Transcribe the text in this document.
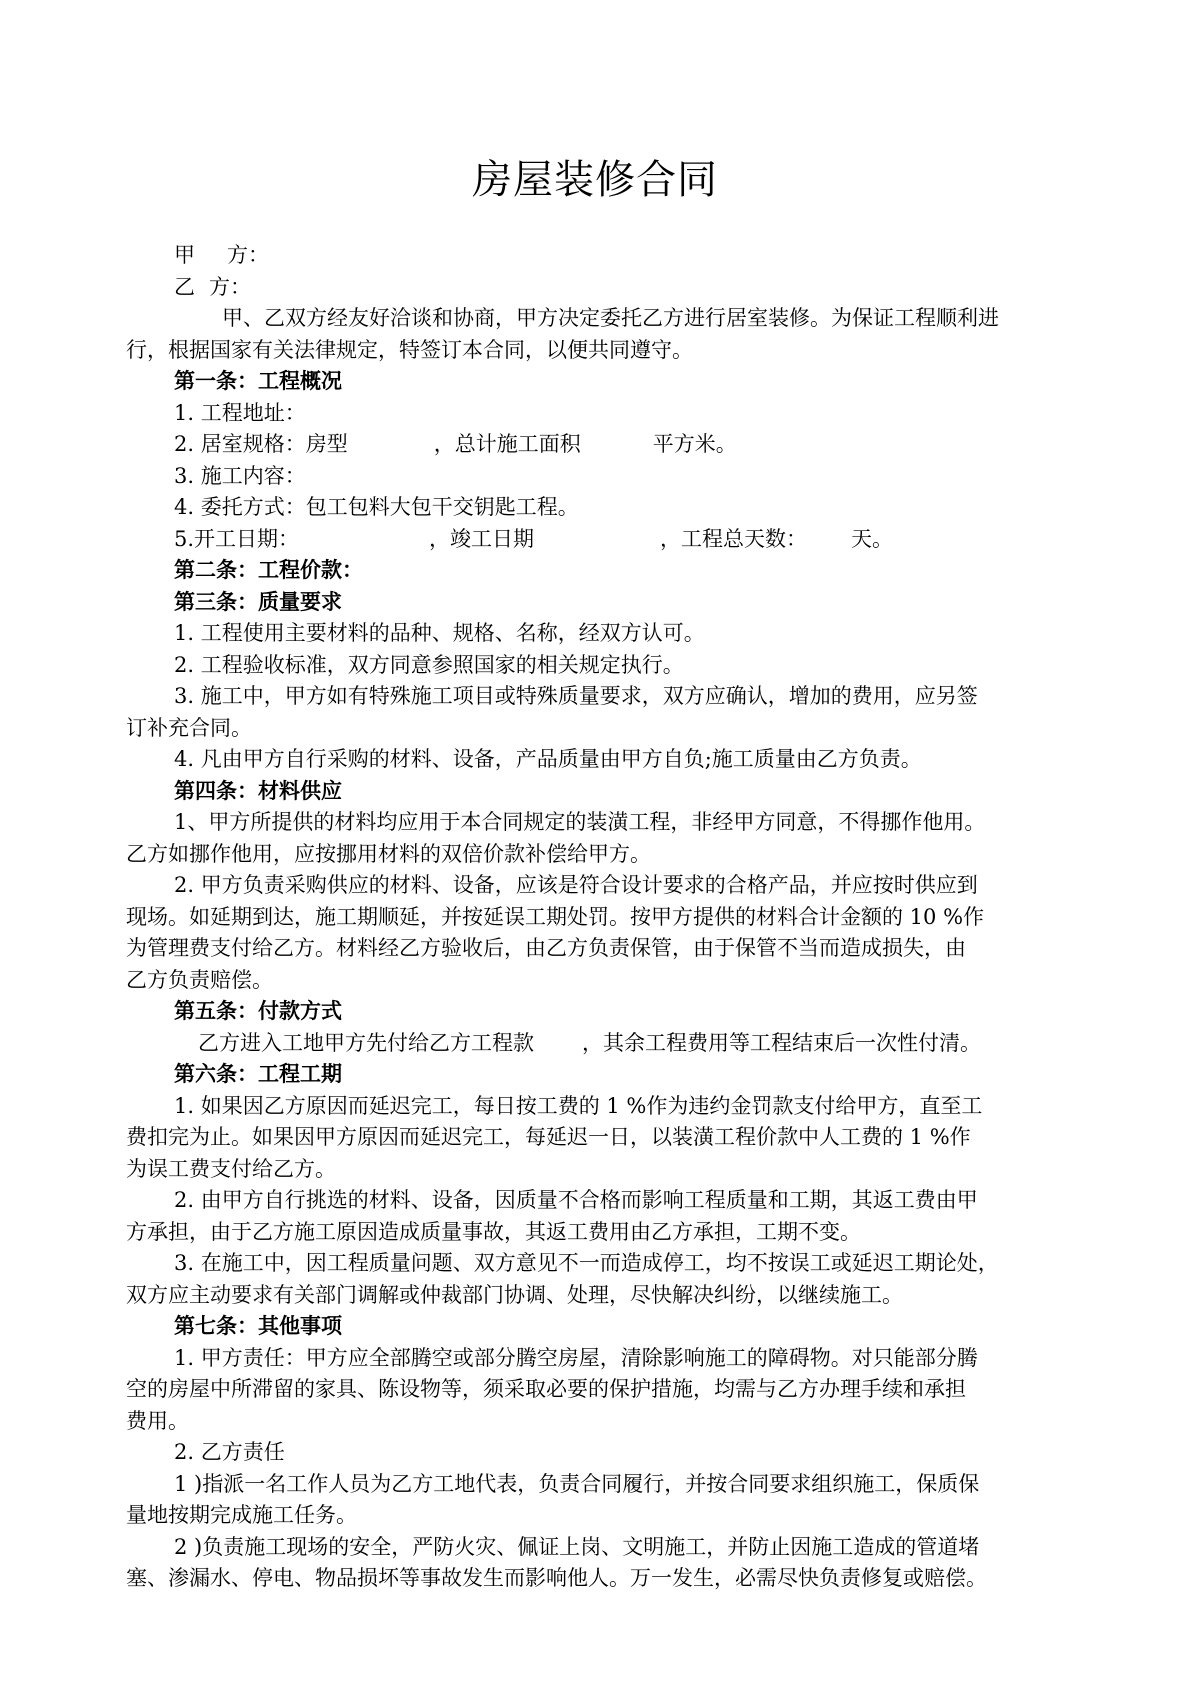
房屋装修合同

甲 方：

乙 方：

甲、乙双方经友好洽谈和协商，甲方决定委托乙方进行居室装修。为保证工程顺利进

行，根据国家有关法律规定，特签订本合同，以便共同遵守。

第一条：工程概况

1. 工程地址：

2. 居室规格：房型	，总计施工面积	平方米。

3. 施工内容：

4. 委托方式：包工包料大包干交钥匙工程。

5.开工日期：	，竣工日期	，工程总天数： 天。

第二条：工程价款：

第三条：质量要求

1. 工程使用主要材料的品种、规格、名称，经双方认可。

2. 工程验收标准，双方同意参照国家的相关规定执行。

3. 施工中，甲方如有特殊施工项目或特殊质量要求，双方应确认，增加的费用，应另签

订补充合同。

4. 凡由甲方自行采购的材料、设备，产品质量由甲方自负;施工质量由乙方负责。

第四条：材料供应

1、甲方所提供的材料均应用于本合同规定的装潢工程，非经甲方同意，不得挪作他用。

乙方如挪作他用，应按挪用材料的双倍价款补偿给甲方。

2. 甲方负责采购供应的材料、设备，应该是符合设计要求的合格产品，并应按时供应到

现场。如延期到达，施工期顺延，并按延误工期处罚。按甲方提供的材料合计金额的 10 %作

为管理费支付给乙方。材料经乙方验收后，由乙方负责保管，由于保管不当而造成损失，由

乙方负责赔偿。

第五条：付款方式

乙方进入工地甲方先付给乙方工程款 ，其余工程费用等工程结束后一次性付清。

第六条：工程工期

1. 如果因乙方原因而延迟完工，每日按工费的 1 %作为违约金罚款支付给甲方，直至工

费扣完为止。如果因甲方原因而延迟完工，每延迟一日，以装潢工程价款中人工费的 1 %作

为误工费支付给乙方。

2. 由甲方自行挑选的材料、设备，因质量不合格而影响工程质量和工期，其返工费由甲

方承担，由于乙方施工原因造成质量事故，其返工费用由乙方承担，工期不变。

3. 在施工中，因工程质量问题、双方意见不一而造成停工，均不按误工或延迟工期论处，

双方应主动要求有关部门调解或仲裁部门协调、处理，尽快解决纠纷，以继续施工。

第七条：其他事项

1. 甲方责任：甲方应全部腾空或部分腾空房屋，清除影响施工的障碍物。对只能部分腾

空的房屋中所滞留的家具、陈设物等，须采取必要的保护措施，均需与乙方办理手续和承担

费用。

2. 乙方责任

1 )指派一名工作人员为乙方工地代表，负责合同履行，并按合同要求组织施工，保质保

量地按期完成施工任务。

2 )负责施工现场的安全，严防火灾、佩证上岗、文明施工，并防止因施工造成的管道堵

塞、渗漏水、停电、物品损坏等事故发生而影响他人。万一发生，必需尽快负责修复或赔偿。
